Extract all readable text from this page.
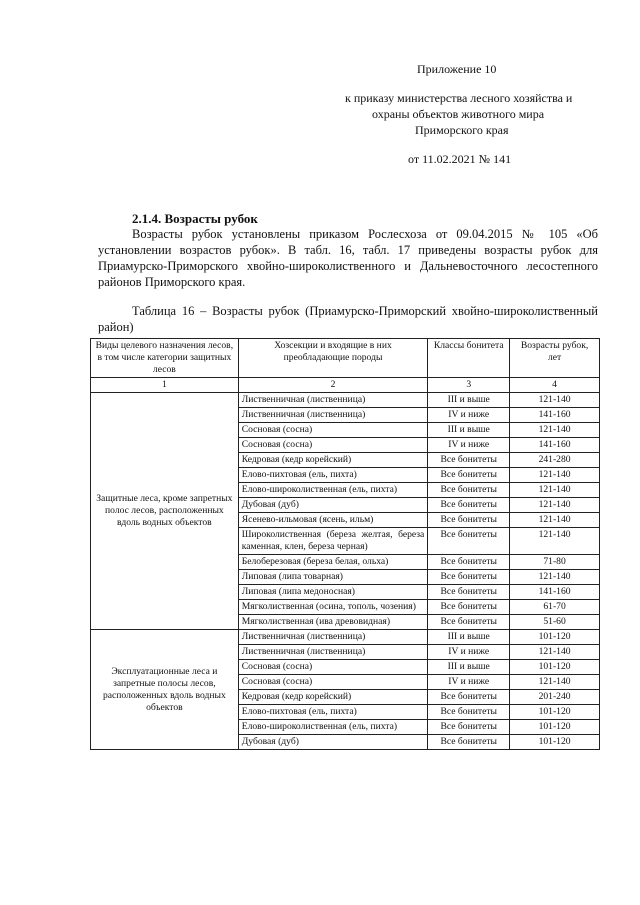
Приложение 10
к приказу министерства лесного хозяйства и
охраны объектов животного мира
Приморского края
от 11.02.2021 № 141
2.1.4. Возрасты рубок
Возрасты рубок установлены приказом Рослесхоза от 09.04.2015 № 105 «Об установлении возрастов рубок». В табл. 16, табл. 17 приведены возрасты рубок для Приамурско-Приморского хвойно-широколиственного и Дальневосточного лесостепного районов Приморского края.
Таблица 16 – Возрасты рубок (Приамурско-Приморский хвойно-широколиственный район)
Виды целевого назначения лесов, в том числе категории защитных лесов	Хозсекции и входящие в них преобладающие породы	Классы бонитета	Возрасты рубок, лет
1	2	3	4
Защитные леса, кроме запретных полос лесов, расположенных вдоль водных объектов	Лиственничная (лиственница)	III и выше	121-140
	Лиственничная (лиственница)	IV и ниже	141-160
	Сосновая (сосна)	III и выше	121-140
	Сосновая (сосна)	IV и ниже	141-160
	Кедровая (кедр корейский)	Все бонитеты	241-280
	Елово-пихтовая (ель, пихта)	Все бонитеты	121-140
	Елово-широколиственная (ель, пихта)	Все бонитеты	121-140
	Дубовая (дуб)	Все бонитеты	121-140
	Ясенево-ильмовая (ясень, ильм)	Все бонитеты	121-140
	Широколиственная (береза желтая, береза каменная, клен, береза черная)	Все бонитеты	121-140
	Белоберезовая (береза белая, ольха)	Все бонитеты	71-80
	Липовая (липа товарная)	Все бонитеты	121-140
	Липовая (липа медоносная)	Все бонитеты	141-160
	Мягколиственная (осина, тополь, чозения)	Все бонитеты	61-70
	Мягколиственная (ива древовидная)	Все бонитеты	51-60
Эксплуатационные леса и запретные полосы лесов, расположенных вдоль водных объектов	Лиственничная (лиственница)	III и выше	101-120
	Лиственничная (лиственница)	IV и ниже	121-140
	Сосновая (сосна)	III и выше	101-120
	Сосновая (сосна)	IV и ниже	121-140
	Кедровая (кедр корейский)	Все бонитеты	201-240
	Елово-пихтовая (ель, пихта)	Все бонитеты	101-120
	Елово-широколиственная (ель, пихта)	Все бонитеты	101-120
	Дубовая (дуб)	Все бонитеты	101-120
